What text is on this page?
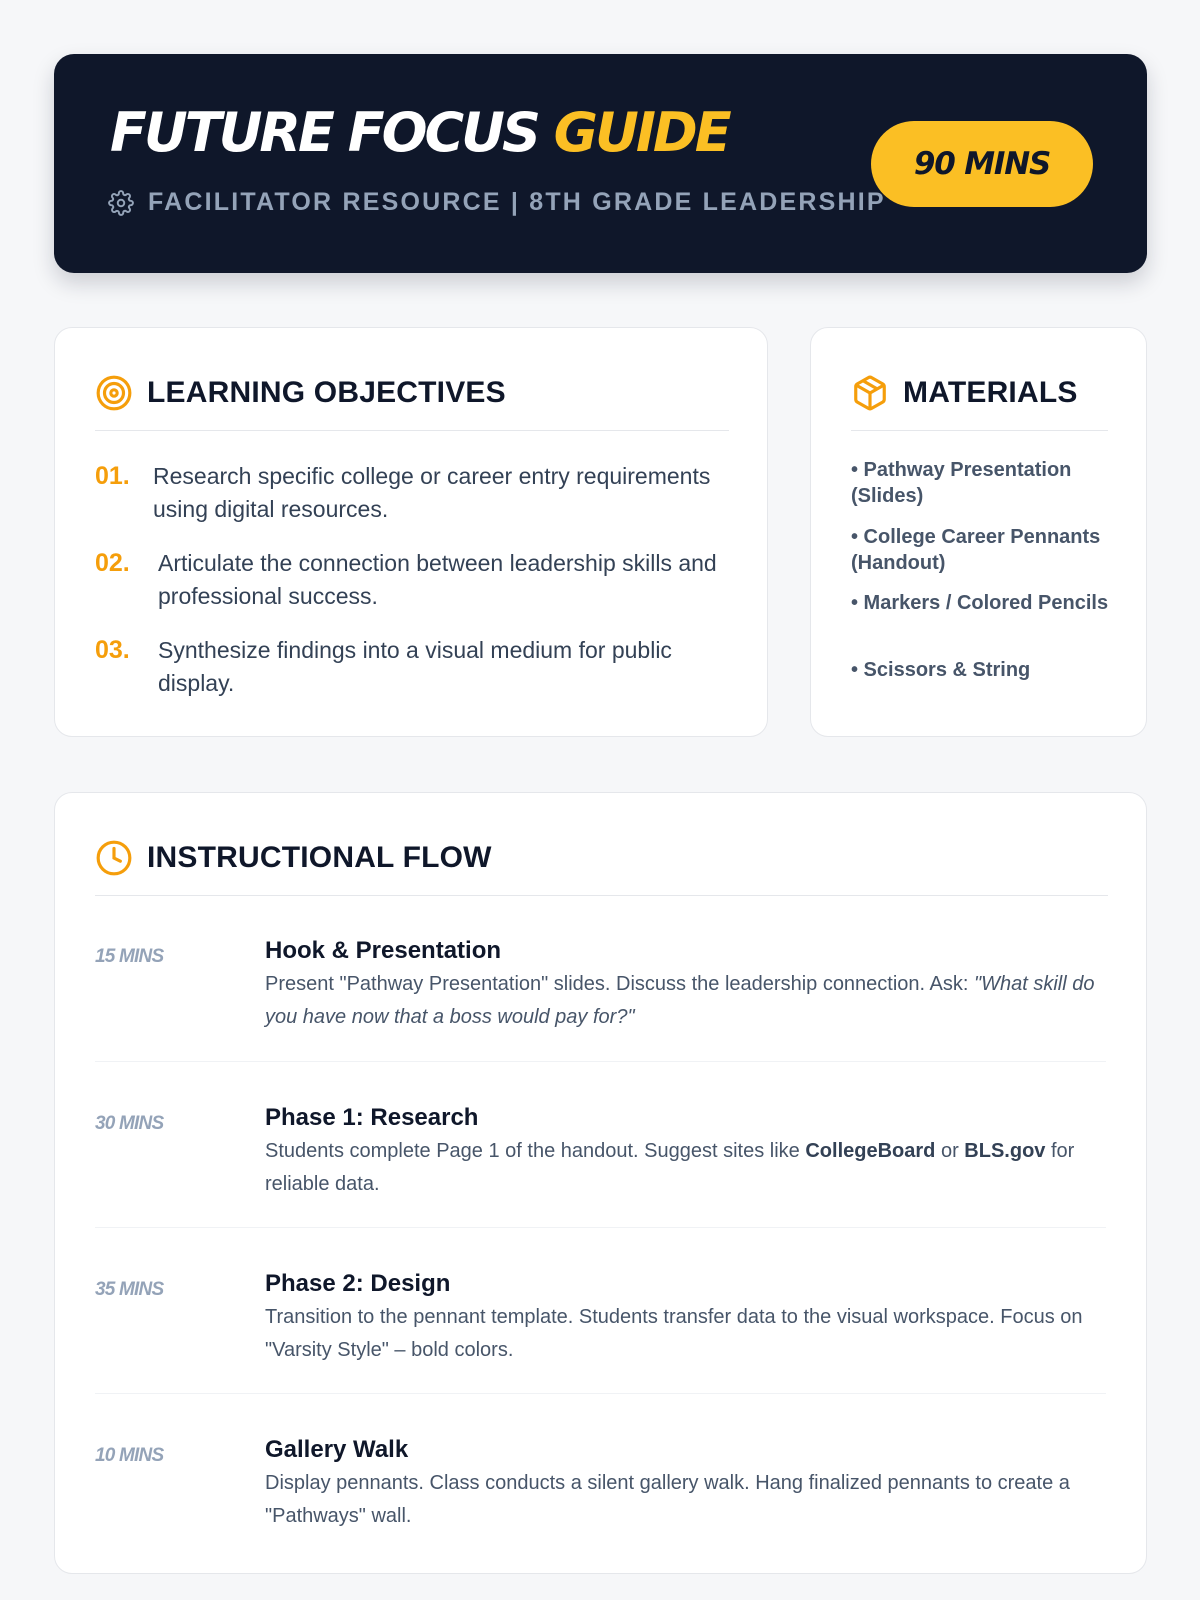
FUTURE FOCUS GUIDE
FACILITATOR RESOURCE | 8TH GRADE LEADERSHIP
90 MINS
LEARNING OBJECTIVES
01.	Research specific college or career entry requirements using digital resources.
02.	Articulate the connection between leadership skills and professional success.
03.	Synthesize findings into a visual medium for public display.
MATERIALS
• Pathway Presentation (Slides)
• College Career Pennants (Handout)
• Markers / Colored Pencils
• Scissors & String
INSTRUCTIONAL FLOW
15 MINS	Hook & Presentation

Present "Pathway Presentation" slides. Discuss the leadership connection. Ask: "What skill do you have now that a boss would pay for?"

30 MINS	Phase 1: Research

Students complete Page 1 of the handout. Suggest sites like CollegeBoard or BLS.gov for reliable data.

35 MINS	Phase 2: Design

Transition to the pennant template. Students transfer data to the visual workspace. Focus on "Varsity Style" – bold colors.

10 MINS	Gallery Walk

Display pennants. Class conducts a silent gallery walk. Hang finalized pennants to create a "Pathways" wall.
